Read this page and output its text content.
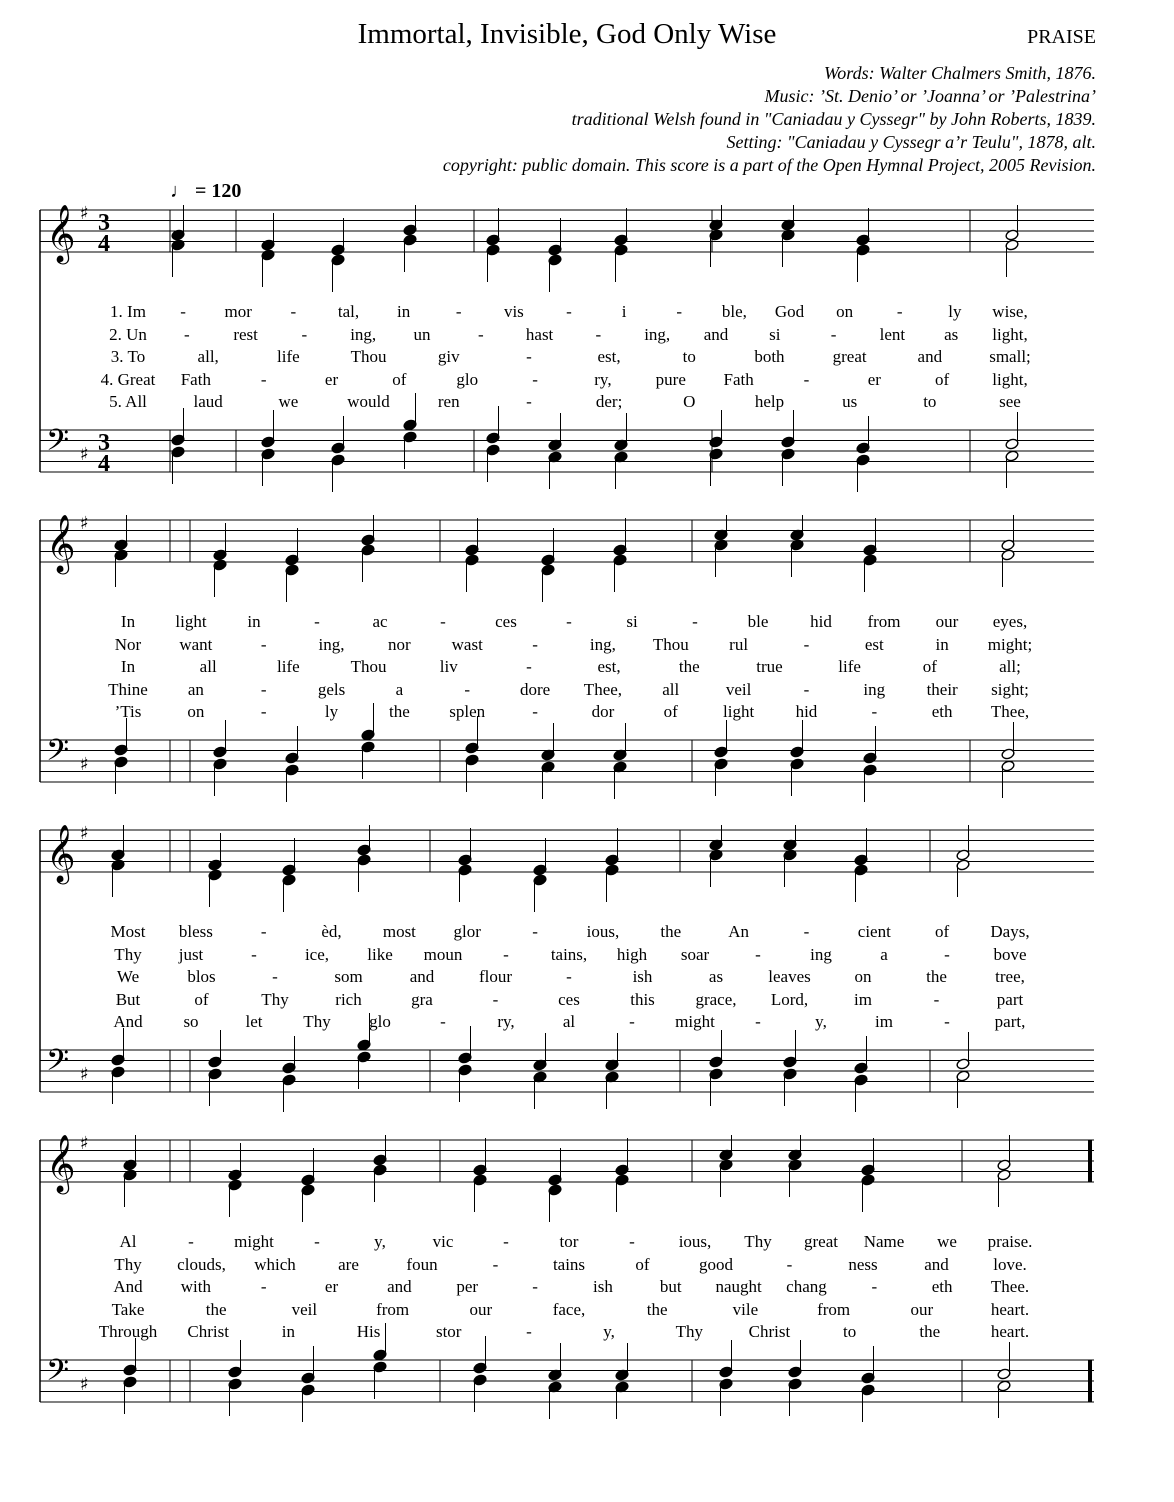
Immortal, Invisible, God Only Wise	PRAISE
Words: Walter Chalmers Smith, 1876.
Music: ’St. Denio’ or ’Joanna’ or ’Palestrina’
traditional Welsh found in "Caniadau y Cyssegr" by John Roberts, 1839.
Setting: "Caniadau y Cyssegr a’r Teulu", 1878, alt.
copyright: public domain. This score is a part of the Open Hymnal Project, 2005 Revision.
♩ = 120
𝄞 ♯ 3
4
𝄢 ♯ 3
4
1. Im - mor - tal, in	- vis -	i	- ble, God on	-	ly wise,
2. Un -	rest	-	ing, un	- hast -	ing, and si	-	lent as light,
3. To	all,	life	Thou	giv	-	est,	to	both	great	and	small;
4. Great Fath	-	er	of	glo	-	ry,	pure Fath	-	er	of	light,
5. All	laud	we	would	ren	-	der;	O	help	us	to	see
𝄞 ♯
𝄢 ♯
In light in	-	ac	-	ces	-	si	-	ble hid from our eyes,
Nor want	-	ing,	nor wast	-	ing, Thou rul	-	est	in might;
In	all	life	Thou	liv	-	est,	the	true	life	of	all;
Thine an	-	gels	a	-	dore Thee, all	veil	-	ing their sight;
’Tis	on	-	ly	the splen	-	dor	of	light hid	-	eth Thee,
𝄞 ♯
𝄢 ♯
Most bless	-	èd, most glor	-	ious, the	An	-	cient	of Days,
Thy just	-	ice, like moun - tains, high soar	-	ing	a	-	bove
We	blos	-	som	and	flour	-	ish	as	leaves	on	the	tree,
But	of	Thy	rich	gra	-	ces	this grace, Lord,	im	-	part
And so	let Thy glo	-	ry,	al	- might -	y,	im	-	part,
𝄞 ♯
𝄢 ♯
Al	- might -	y,	vic	-	tor	-	ious, Thy great Name we praise.
Thy clouds, which are	foun	-	tains	of	good	-	ness	and	love.
And with	-	er	and	per	-	ish	but naught chang	-	eth Thee.
Take	the	veil	from	our	face,	the	vile	from	our	heart.
Through Christ	in	His	stor	-	y,	Thy	Christ	to	the	heart.
